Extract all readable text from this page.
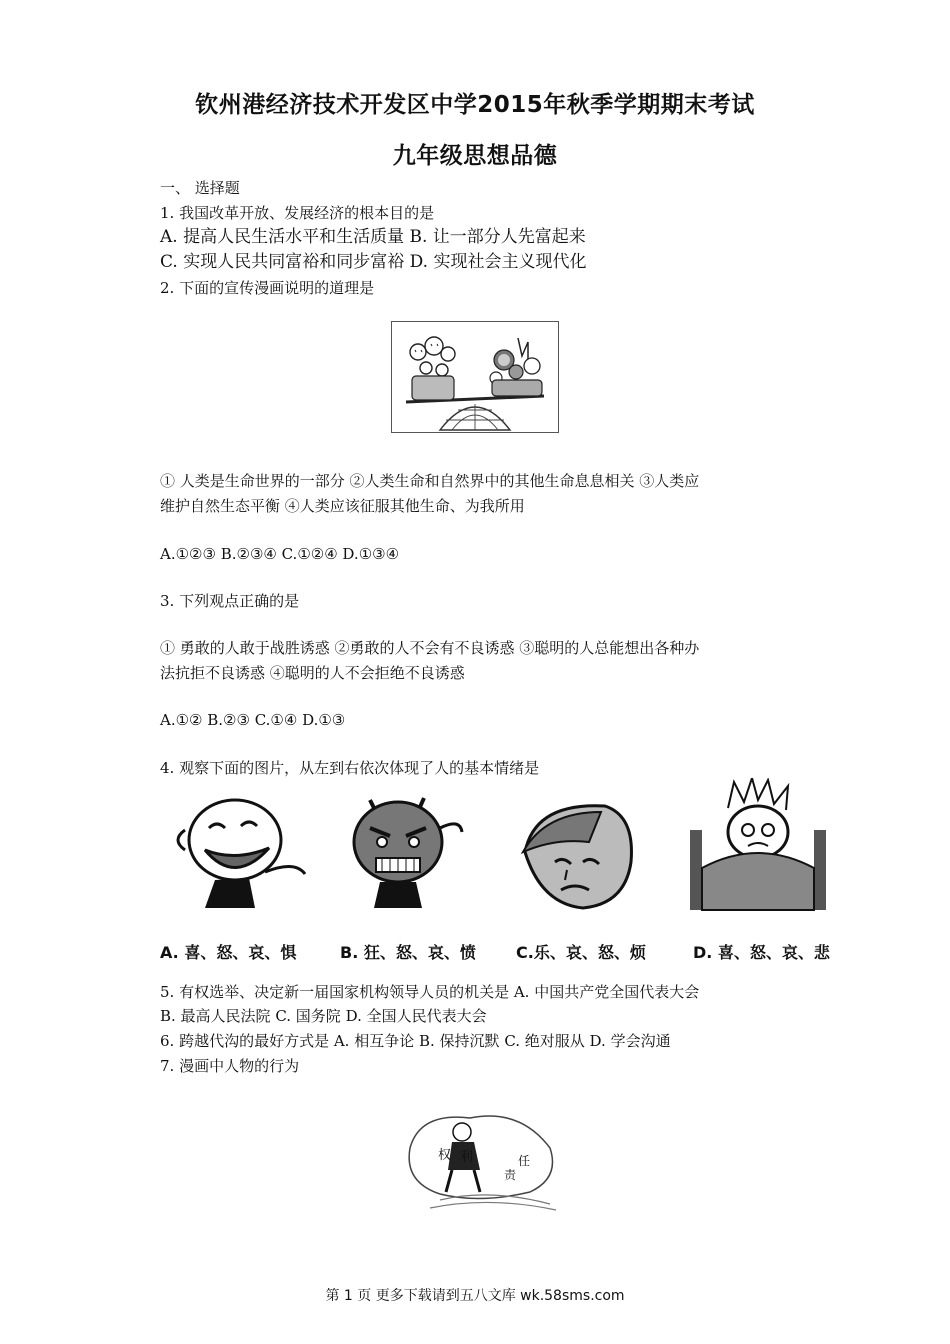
钦州港经济技术开发区中学2015年秋季学期期末考试
九年级思想品德
一、 选择题
1. 我国改革开放、发展经济的根本目的是
A. 提高人民生活水平和生活质量 B. 让一部分人先富起来
C. 实现人民共同富裕和同步富裕 D. 实现社会主义现代化
2. 下面的宣传漫画说明的道理是
① 人类是生命世界的一部分 ②人类生命和自然界中的其他生命息息相关 ③人类应
维护自然生态平衡 ④人类应该征服其他生命、为我所用
A.①②③ B.②③④ C.①②④ D.①③④
3. 下列观点正确的是
① 勇敢的人敢于战胜诱惑 ②勇敢的人不会有不良诱惑 ③聪明的人总能想出各种办
法抗拒不良诱惑 ④聪明的人不会拒绝不良诱惑
A.①② B.②③ C.①④ D.①③
4. 观察下面的图片，从左到右依次体现了人的基本情绪是
A. 喜、怒、哀、惧	B. 狂、怒、哀、愤	C.乐、哀、怒、烦	D. 喜、怒、哀、悲
5. 有权选举、决定新一届国家机构领导人员的机关是 A. 中国共产党全国代表大会
B. 最高人民法院 C. 国务院 D. 全国人民代表大会
6. 跨越代沟的最好方式是 A. 相互争论 B. 保持沉默 C. 绝对服从 D. 学会沟通
7. 漫画中人物的行为
权 利
责
任
第 1 页 更多下载请到五八文库 wk.58sms.com
